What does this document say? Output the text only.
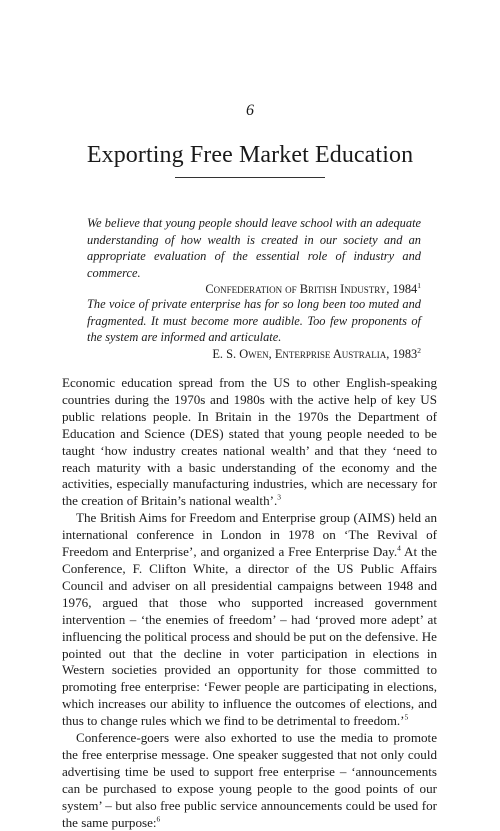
6
Exporting Free Market Education
We believe that young people should leave school with an adequate understanding of how wealth is created in our society and an appropriate evaluation of the essential role of industry and commerce.
Confederation of British Industry, 1984$^1$
The voice of private enterprise has for so long been too muted and fragmented. It must become more audible. Too few proponents of the system are informed and articulate.
E. S. Owen, Enterprise Australia, 1983$^2$

Economic education spread from the US to other English-speaking countries during the 1970s and 1980s with the active help of key US public relations people. In Britain in the 1970s the Department of Education and Science (DES) stated that young people needed to be taught ‘how industry creates national wealth’ and that they ‘need to reach maturity with a basic understanding of the economy and the activities, especially manufacturing industries, which are necessary for the creation of Britain’s national wealth’.$^3$

The British Aims for Freedom and Enterprise group (AIMS) held an international conference in London in 1978 on ‘The Revival of Freedom and Enterprise’, and organized a Free Enterprise Day.$^4$ At the Conference, F. Clifton White, a director of the US Public Affairs Council and adviser on all presidential campaigns between 1948 and 1976, argued that those who supported increased government intervention – ‘the enemies of freedom’ – had ‘proved more adept’ at influencing the political process and should be put on the defensive. He pointed out that the decline in voter participation in elections in Western societies provided an opportunity for those committed to promoting free enterprise: ‘Fewer people are participating in elections, which increases our ability to influence the outcomes of elections, and thus to change rules which we find to be detrimental to freedom.’$^5$

Conference-goers were also exhorted to use the media to promote the free enterprise message. One speaker suggested that not only could advertising time be used to support free enterprise – ‘announcements can be purchased to expose young people to the good points of our system’ – but also free public service announcements could be used for the same purpose:$^6$
